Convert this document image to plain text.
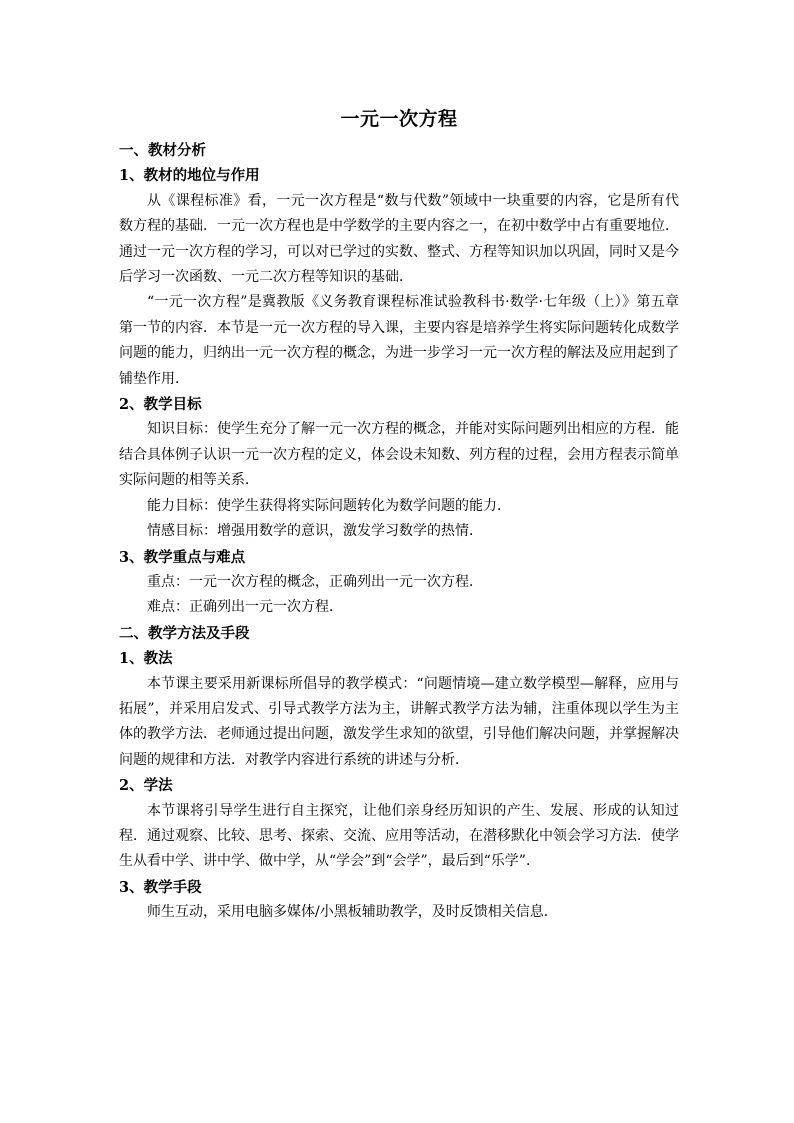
一元一次方程
一、教材分析
1、教材的地位与作用

从《课程标准》看，一元一次方程是“数与代数”领域中一块重要的内容，它是所有代数方程的基础．一元一次方程也是中学数学的主要内容之一，在初中数学中占有重要地位．通过一元一次方程的学习，可以对已学过的实数、整式、方程等知识加以巩固，同时又是今后学习一次函数、一元二次方程等知识的基础．

“一元一次方程”是冀教版《义务教育课程标准试验教科书·数学·七年级（上）》第五章第一节的内容．本节是一元一次方程的导入课，主要内容是培养学生将实际问题转化成数学问题的能力，归纳出一元一次方程的概念，为进一步学习一元一次方程的解法及应用起到了铺垫作用．

2、教学目标

知识目标：使学生充分了解一元一次方程的概念，并能对实际问题列出相应的方程．能结合具体例子认识一元一次方程的定义，体会设未知数、列方程的过程，会用方程表示简单实际问题的相等关系．

能力目标：使学生获得将实际问题转化为数学问题的能力．

情感目标：增强用数学的意识，激发学习数学的热情．

3、教学重点与难点

重点：一元一次方程的概念，正确列出一元一次方程．

难点：正确列出一元一次方程．

二、教学方法及手段
1、教法

本节课主要采用新课标所倡导的教学模式：“问题情境—建立数学模型—解释，应用与拓展”，并采用启发式、引导式教学方法为主，讲解式教学方法为辅，注重体现以学生为主体的教学方法．老师通过提出问题，激发学生求知的欲望，引导他们解决问题，并掌握解决问题的规律和方法．对教学内容进行系统的讲述与分析．

2、学法

本节课将引导学生进行自主探究，让他们亲身经历知识的产生、发展、形成的认知过程．通过观察、比较、思考、探索、交流、应用等活动，在潜移默化中领会学习方法．使学生从看中学、讲中学、做中学，从“学会”到“会学”，最后到“乐学”．

3、教学手段

师生互动，采用电脑多媒体/小黑板辅助教学，及时反馈相关信息．
